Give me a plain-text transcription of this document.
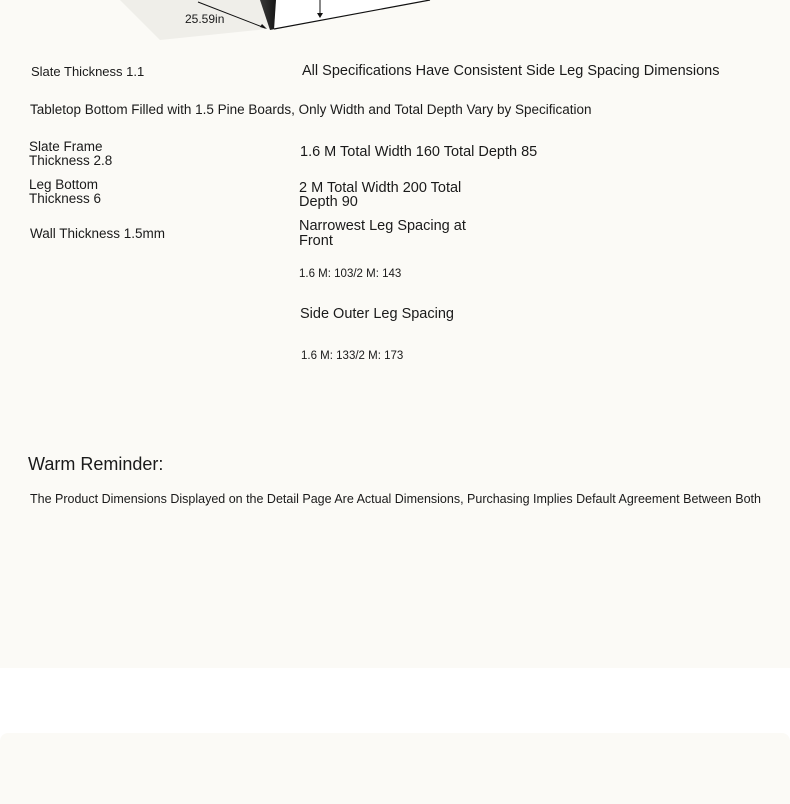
25.59in

Slate Thickness 1.1	All Specifications Have Consistent Side Leg Spacing Dimensions

Tabletop Bottom Filled with 1.5 Pine Boards, Only Width and Total Depth Vary by Specification

Slate Frame Thickness 2.8

1.6 M Total Width 160 Total Depth 85

Leg Bottom Thickness 6

2 M Total Width 200 Total Depth 90

Wall Thickness 1.5mm	Narrowest Leg Spacing at Front

1.6 M: 103/2 M: 143

Side Outer Leg Spacing

1.6 M: 133/2 M: 173

Warm Reminder:

The Product Dimensions Displayed on the Detail Page Are Actual Dimensions, Purchasing Implies Default Agreement Between Both
